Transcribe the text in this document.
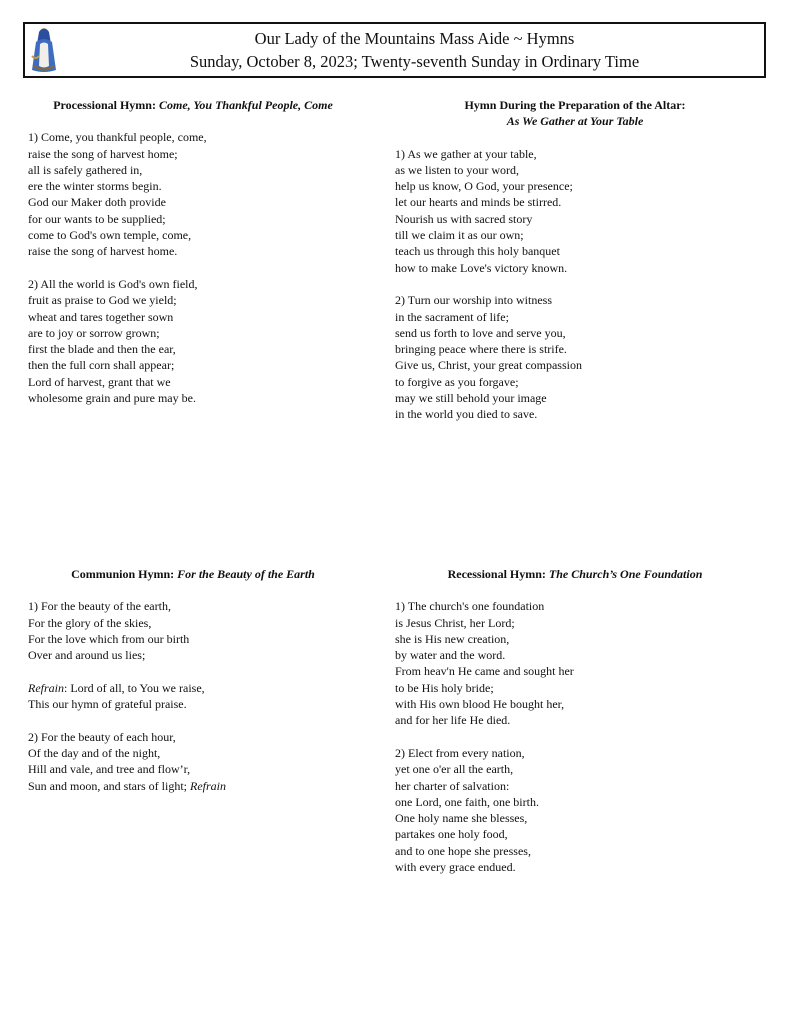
Our Lady of the Mountains Mass Aide ~ Hymns
Sunday, October 8, 2023; Twenty-seventh Sunday in Ordinary Time
Processional Hymn: Come, You Thankful People, Come
1) Come, you thankful people, come,
raise the song of harvest home;
all is safely gathered in,
ere the winter storms begin.
God our Maker doth provide
for our wants to be supplied;
come to God's own temple, come,
raise the song of harvest home.
2) All the world is God's own field,
fruit as praise to God we yield;
wheat and tares together sown
are to joy or sorrow grown;
first the blade and then the ear,
then the full corn shall appear;
Lord of harvest, grant that we
wholesome grain and pure may be.
Hymn During the Preparation of the Altar:
As We Gather at Your Table
1) As we gather at your table,
as we listen to your word,
help us know, O God, your presence;
let our hearts and minds be stirred.
Nourish us with sacred story
till we claim it as our own;
teach us through this holy banquet
how to make Love's victory known.
2) Turn our worship into witness
in the sacrament of life;
send us forth to love and serve you,
bringing peace where there is strife.
Give us, Christ, your great compassion
to forgive as you forgave;
may we still behold your image
in the world you died to save.
Communion Hymn: For the Beauty of the Earth
1) For the beauty of the earth,
For the glory of the skies,
For the love which from our birth
Over and around us lies;
Refrain: Lord of all, to You we raise,
This our hymn of grateful praise.
2) For the beauty of each hour,
Of the day and of the night,
Hill and vale, and tree and flow’r,
Sun and moon, and stars of light; Refrain
Recessional Hymn: The Church’s One Foundation
1) The church's one foundation
is Jesus Christ, her Lord;
she is His new creation,
by water and the word.
From heav'n He came and sought her
to be His holy bride;
with His own blood He bought her,
and for her life He died.
2) Elect from every nation,
yet one o'er all the earth,
her charter of salvation:
one Lord, one faith, one birth.
One holy name she blesses,
partakes one holy food,
and to one hope she presses,
with every grace endued.
